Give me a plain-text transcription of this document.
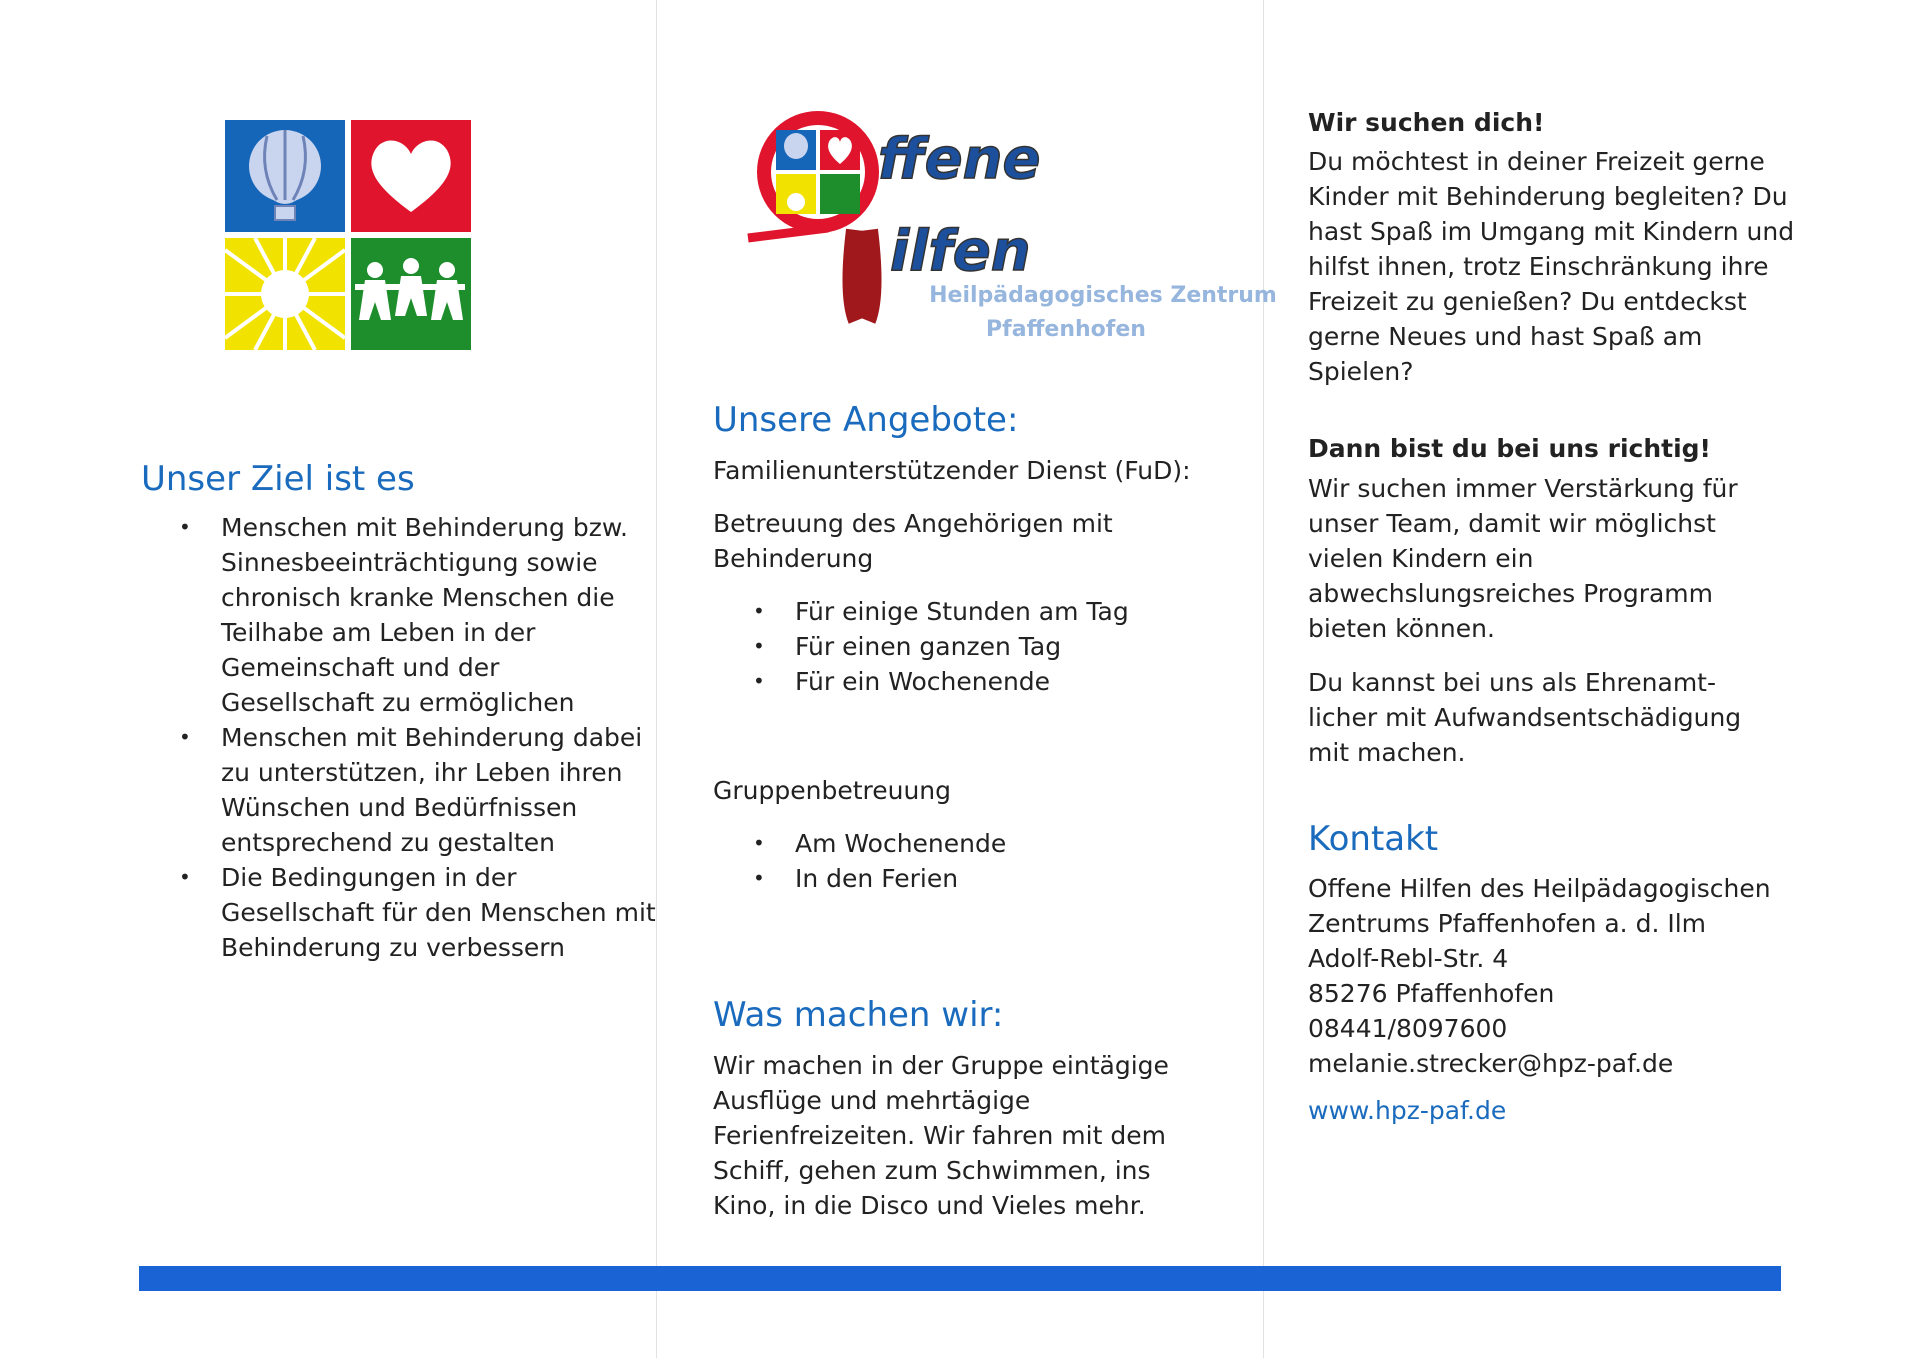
Unser Ziel ist es
• Menschen mit Behinderung bzw. Sinnesbeeinträchtigung sowie chronisch kranke Menschen die Teilhabe am Leben in der Gemeinschaft und der Gesellschaft zu ermöglichen
• Menschen mit Behinderung dabei zu unterstützen, ihr Leben ihren Wünschen und Bedürfnissen entsprechend zu gestalten
• Die Bedingungen in der Gesellschaft für den Menschen mit Behinderung zu verbessern
ffene
ilfen
Heilpädagogisches Zentrum
Pfaffenhofen
Unsere Angebote:

Familienunterstützender Dienst (FuD):

Betreuung des Angehörigen mit Behinderung

• Für einige Stunden am Tag
• Für einen ganzen Tag
• Für ein Wochenende

Gruppenbetreuung

• Am Wochenende
• In den Ferien
Was machen wir:

Wir machen in der Gruppe eintägige Ausflüge und mehrtägige Ferienfreizeiten. Wir fahren mit dem Schiff, gehen zum Schwimmen, ins Kino, in die Disco und Vieles mehr.

Wir suchen dich!

Du möchtest in deiner Freizeit gerne Kinder mit Behinderung begleiten? Du hast Spaß im Umgang mit Kindern und hilfst ihnen, trotz Einschränkung ihre Freizeit zu genießen? Du entdeckst gerne Neues und hast Spaß am Spielen?

Dann bist du bei uns richtig!

Wir suchen immer Verstärkung für unser Team, damit wir möglichst vielen Kindern ein abwechslungsreiches Programm bieten können.

Du kannst bei uns als Ehrenamt-licher mit Aufwandsentschädigung mit machen.

Kontakt
Offene Hilfen des Heilpädagogischen
Zentrums Pfaffenhofen a. d. Ilm
Adolf-Rebl-Str. 4
85276 Pfaffenhofen
08441/8097600
melanie.strecker@hpz-paf.de
www.hpz-paf.de
